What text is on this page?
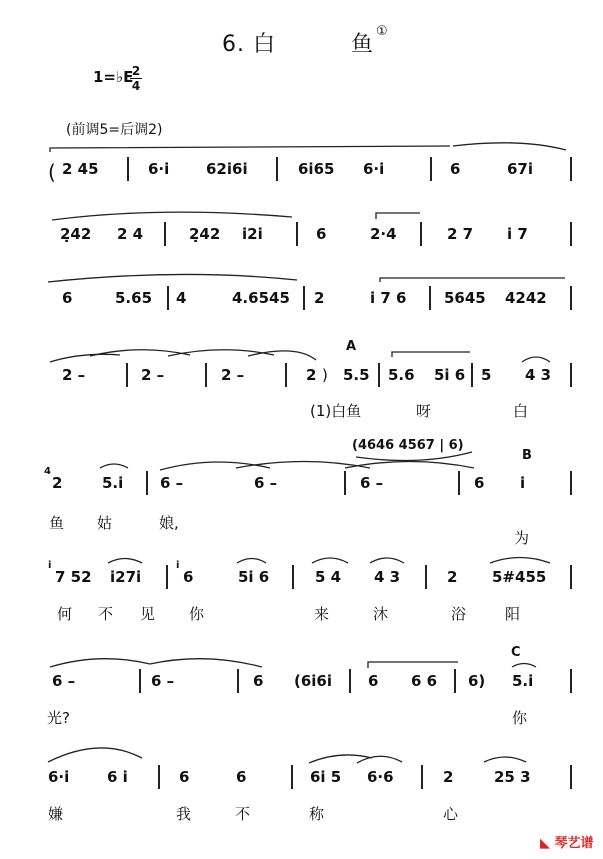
6. 白	鱼
①
1=♭E
2
4
(前调5=后调2)
( 2 45	6·i 62i6i	6i65 6·i	6	67i
2̣42 2 4	2̣42 i2i	6	2·4	2 7 i 7
6	5.65 4	4.6545 2	i 7 6	5645 4242
A
2 –	2 –	2 –	2 ) 5.5 5.6 5i 6 5 4 3
(1)白鱼	呀	白
(4646 4567 | 6)
B
4
2	5.i 6 –	6 –	6 –	6 i
鱼 姑	娘,
为
i
7 52 i27i
i
6	5i 6	5 4 4 3	2 5#455
何 不 见 你	来	沐	浴	阳
C
6 –	6 –	6 (6i6i 6 6 6 6) 5.i
光?	你
6·i	6 i	6	6	6i 5 6·6	2	25 3
嫌	我	不	称	心
◣ 琴艺谱
